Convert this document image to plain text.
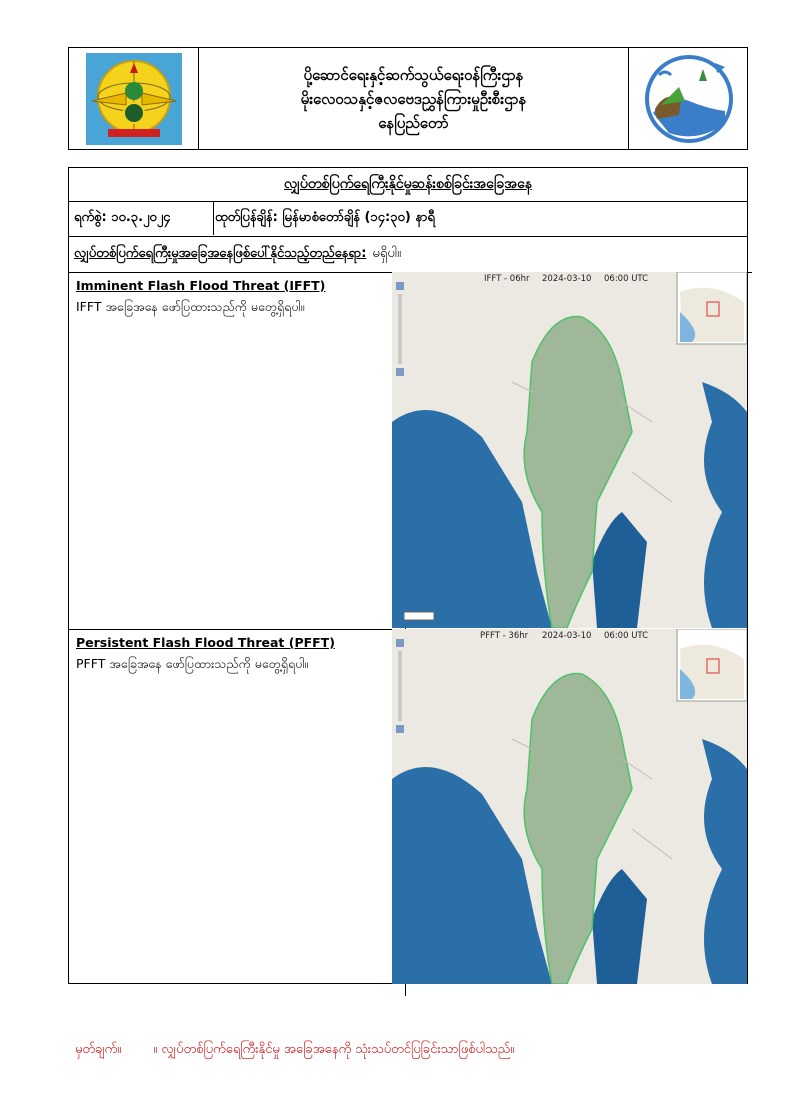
ပို့ဆောင်ရေးနှင့်ဆက်သွယ်ရေးဝန်ကြီးဌာန
မိုးလေဝသနှင့်ဇလဗေဒညွှန်ကြားမှုဦးစီးဌာန
နေပြည်တော်
လျှပ်တစ်ပြက်ရေကြီးနိုင်မှုဆန်းစစ်ခြင်းအခြေအနေ
ရက်စွဲ: ၁၀.၃.၂၀၂၄	ထုတ်ပြန်ချိန်: မြန်မာစံတော်ချိန် (၁၄:၃၀) နာရီ
လျှပ်တစ်ပြက်ရေကြီးမှုအခြေအနေဖြစ်ပေါ်နိုင်သည့်တည်နေရာ: မရှိပါ။
Imminent Flash Flood Threat (IFFT)
IFFT အခြေအနေ ဖော်ပြထားသည်ကို မတွေ့ရှိရပါ။
IFFT - 06hr 2024-03-10 06:00 UTC
Persistent Flash Flood Threat (PFFT)
PFFT အခြေအနေ ဖော်ပြထားသည်ကို မတွေ့ရှိရပါ။
PFFT - 36hr 2024-03-10 06:00 UTC
မှတ်ချက်။ ။ လျှပ်တစ်ပြက်ရေကြီးနိုင်မှု အခြေအနေကို သုံးသပ်တင်ပြခြင်းသာဖြစ်ပါသည်။
